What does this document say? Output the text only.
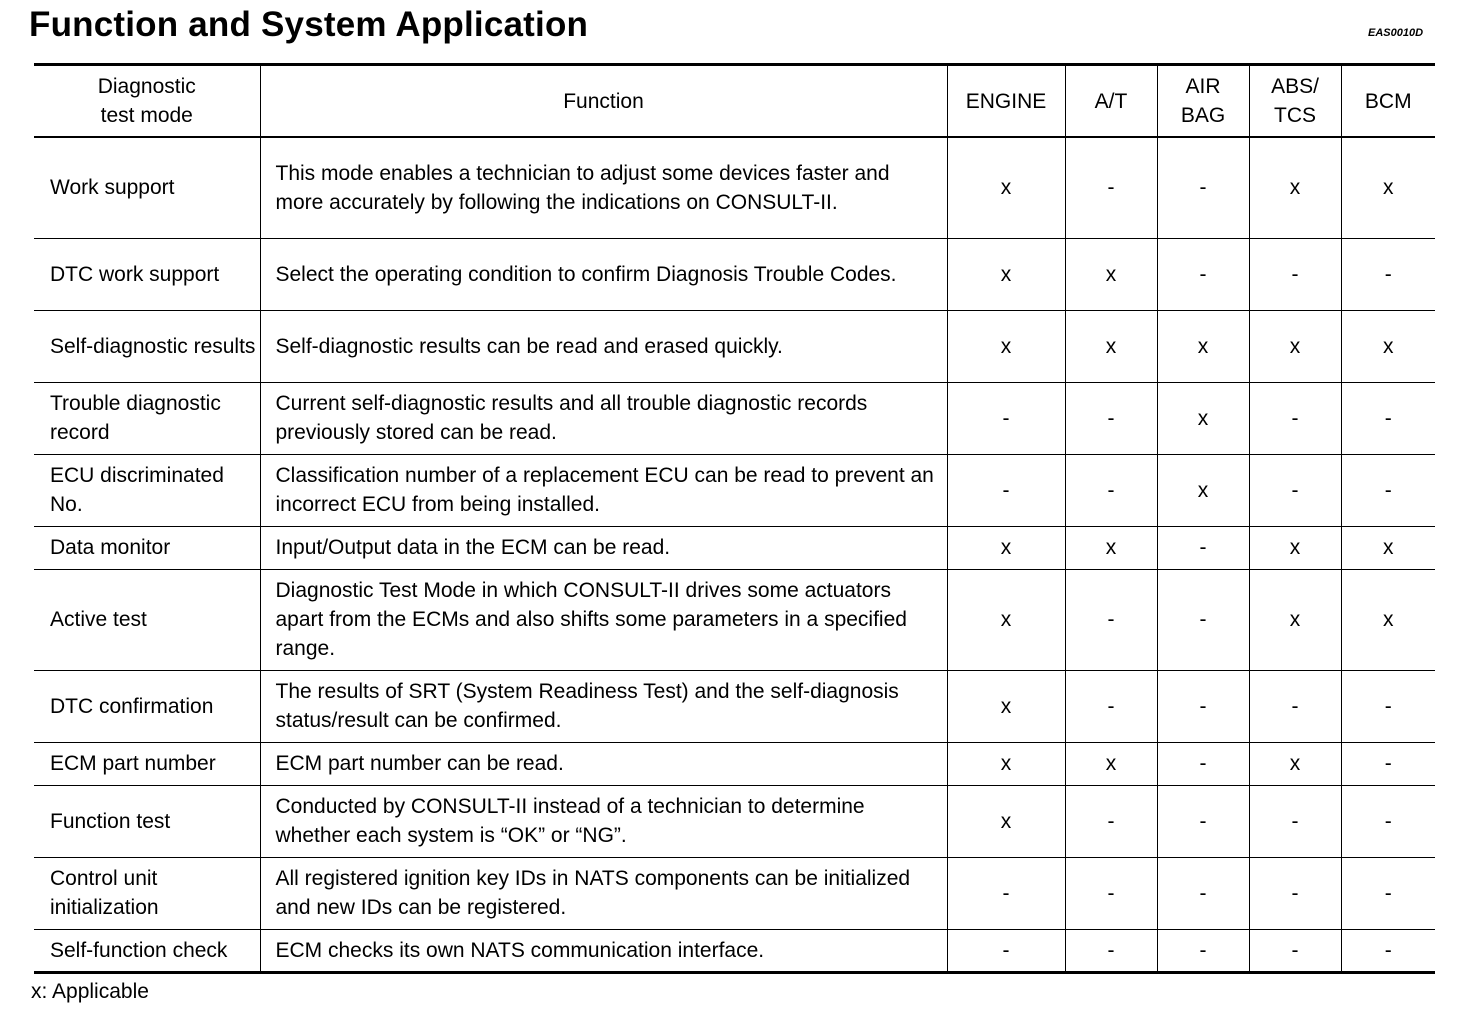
Function and System Application	EAS0010D
Diagnostic test mode	Function	ENGINE	A/T	AIR BAG	ABS/ TCS	BCM
Work support	This mode enables a technician to adjust some devices faster and more accurately by following the indications on CONSULT-II.	x	-	-	x	x
DTC work support	Select the operating condition to confirm Diagnosis Trouble Codes.	x	x	-	-	-
Self-diagnostic results	Self-diagnostic results can be read and erased quickly.	x	x	x	x	x
Trouble diagnostic record	Current self-diagnostic results and all trouble diagnostic records previously stored can be read.	-	-	x	-	-
ECU discriminated No.	Classification number of a replacement ECU can be read to prevent an incorrect ECU from being installed.	-	-	x	-	-
Data monitor	Input/Output data in the ECM can be read.	x	x	-	x	x
Active test	Diagnostic Test Mode in which CONSULT-II drives some actuators apart from the ECMs and also shifts some parameters in a specified range.	x	-	-	x	x
DTC confirmation	The results of SRT (System Readiness Test) and the self-diagnosis status/result can be confirmed.	x	-	-	-	-
ECM part number	ECM part number can be read.	x	x	-	x	-
Function test	Conducted by CONSULT-II instead of a technician to determine whether each system is “OK” or “NG”.	x	-	-	-	-
Control unit initialization	All registered ignition key IDs in NATS components can be initialized and new IDs can be registered.	-	-	-	-	-
Self-function check	ECM checks its own NATS communication interface.	-	-	-	-	-
x: Applicable
